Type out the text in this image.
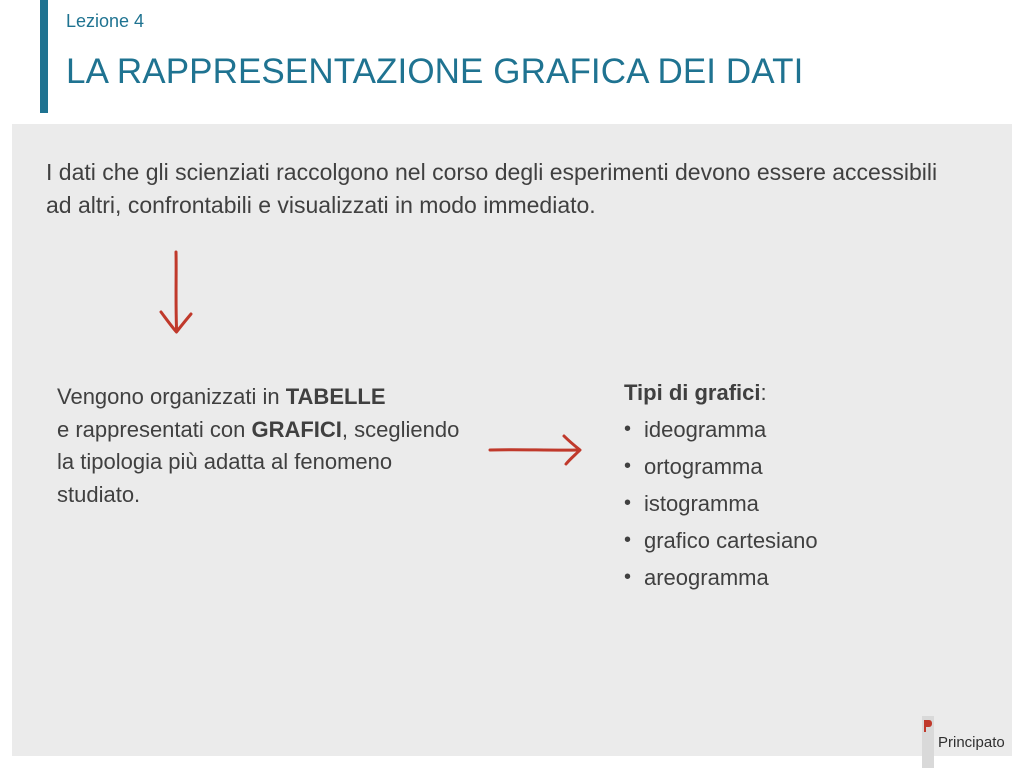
Lezione 4
LA RAPPRESENTAZIONE GRAFICA DEI DATI
I dati che gli scienziati raccolgono nel corso degli esperimenti devono essere accessibili ad altri, confrontabili e visualizzati in modo immediato.
Vengono organizzati in TABELLE
e rappresentati con GRAFICI, scegliendo la tipologia più adatta al fenomeno studiato.
Tipi di grafici:
• ideogramma
• ortogramma
• istogramma
• grafico cartesiano
• areogramma
Principato
